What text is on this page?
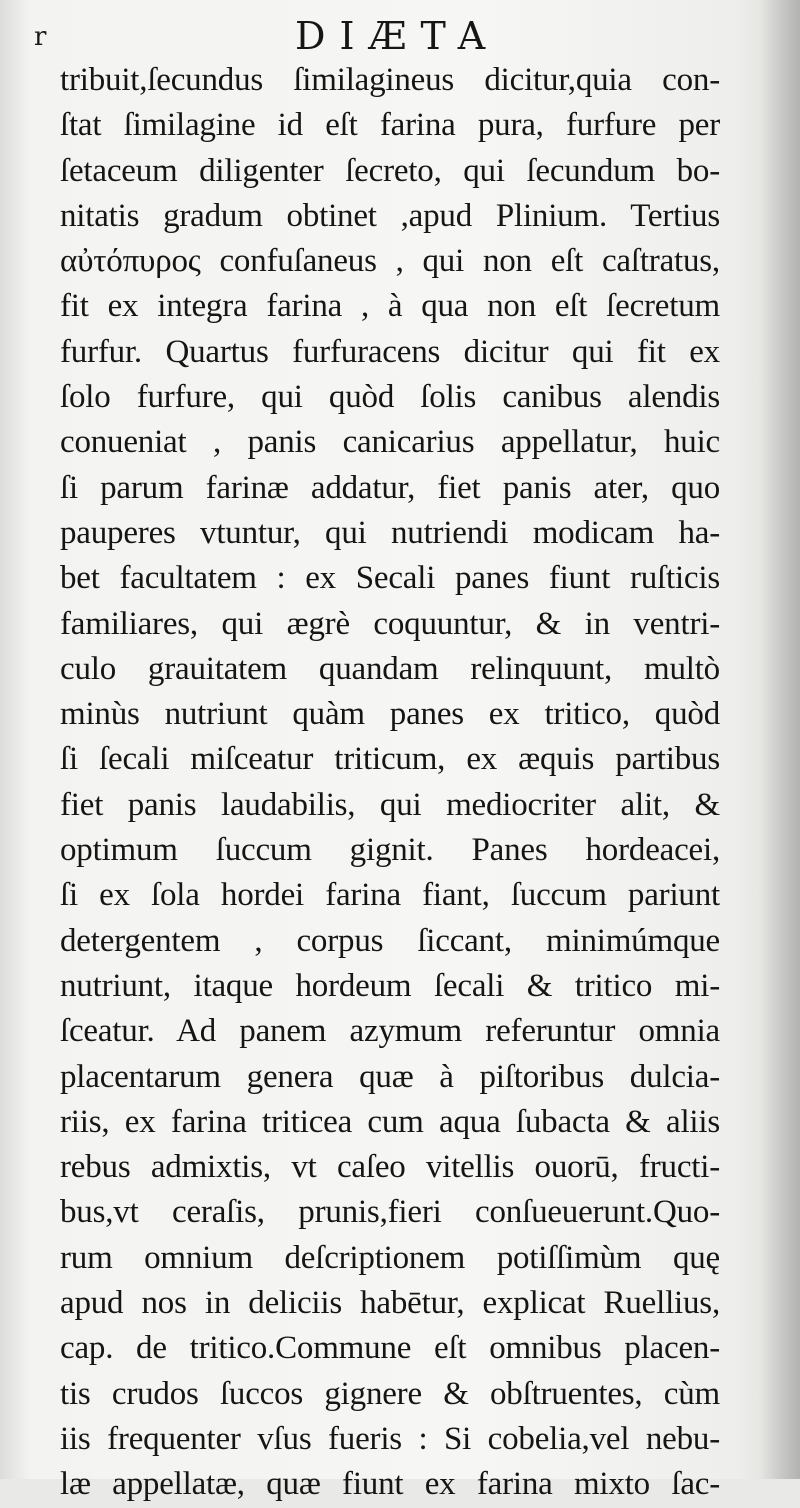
r	DIÆTA
tribuit,ſecundus ſimilagineus dicitur,quia con-
ſtat ſimilagine id eſt farina pura, furfure per
ſetaceum diligenter ſecreto, qui ſecundum bo-
nitatis gradum obtinet ,apud Plinium. Tertius
αὐτόπυρος confuſaneus , qui non eſt caſtratus,
fit ex integra farina , à qua non eſt ſecretum
furfur. Quartus furfuracens dicitur qui fit ex
ſolo furfure, qui quòd ſolis canibus alendis
conueniat , panis canicarius appellatur, huic
ſi parum farinæ addatur, fiet panis ater, quo
pauperes vtuntur, qui nutriendi modicam ha-
bet facultatem : ex Secali panes fiunt ruſticis
familiares, qui ægrè coquuntur, & in ventri-
culo grauitatem quandam relinquunt, multò
minùs nutriunt quàm panes ex tritico, quòd
ſi ſecali miſceatur triticum, ex æquis partibus
fiet panis laudabilis, qui mediocriter alit, &
optimum ſuccum gignit. Panes hordeacei,
ſi ex ſola hordei farina fiant, ſuccum pariunt
detergentem , corpus ſiccant, minimúmque
nutriunt, itaque hordeum ſecali & tritico mi-
ſceatur. Ad panem azymum referuntur omnia
placentarum genera quæ à piſtoribus dulcia-
riis, ex farina triticea cum aqua ſubacta & aliis
rebus admixtis, vt caſeo vitellis ouorū, fructi-
bus,vt ceraſis, prunis,fieri conſueuerunt.Quo-
rum omnium deſcriptionem potiſſimùm quę
apud nos in deliciis habētur, explicat Ruellius,
cap. de tritico.Commune eſt omnibus placen-
tis crudos ſuccos gignere & obſtruentes, cùm
iis frequenter vſus fueris : Si cobelia,vel nebu-
læ appellatæ, quæ fiunt ex farina mixto ſac-
